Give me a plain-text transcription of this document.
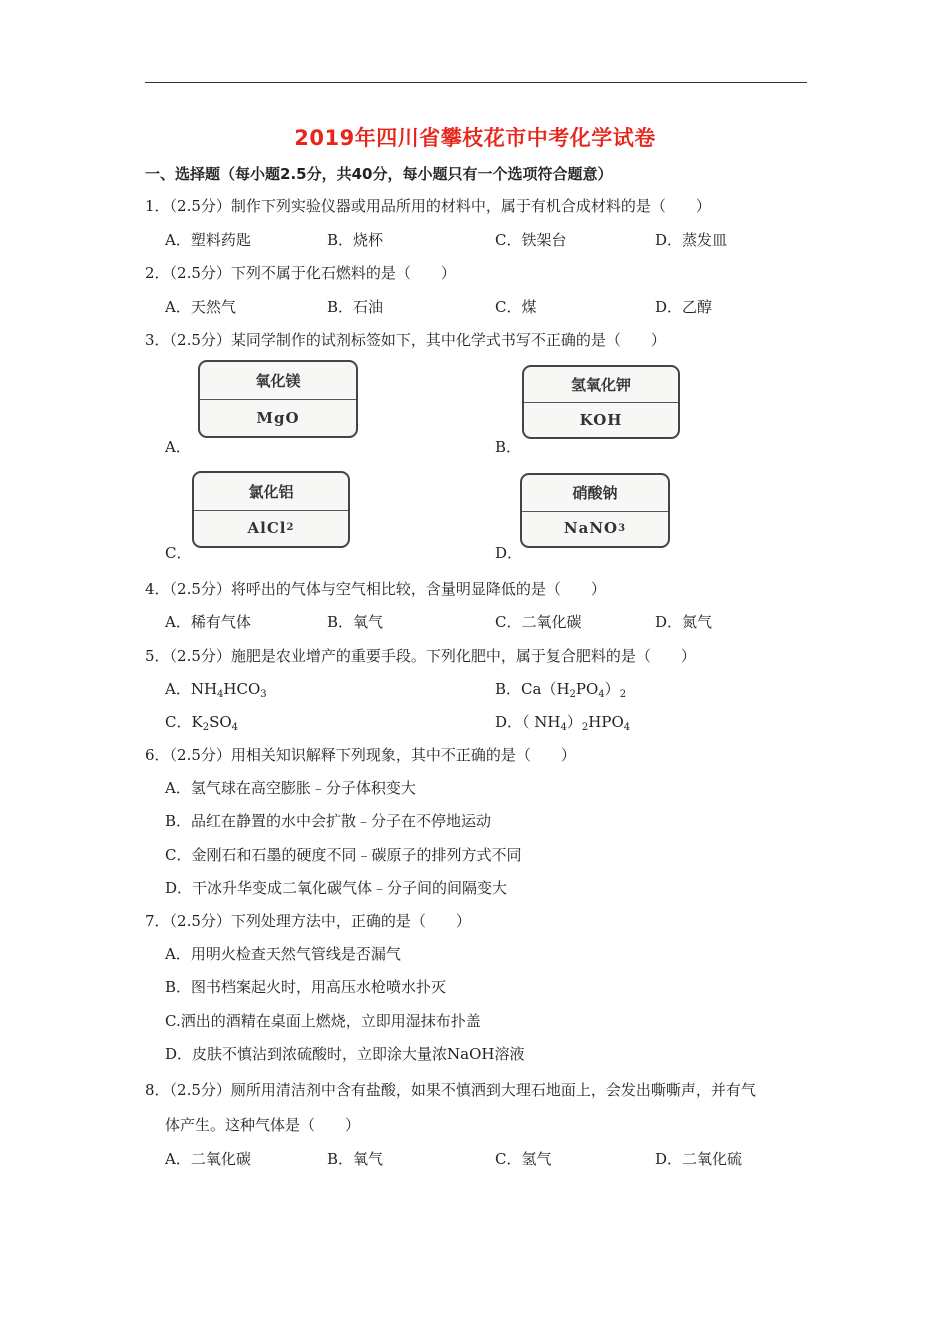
2019年四川省攀枝花市中考化学试卷
一、选择题（每小题2.5分，共40分，每小题只有一个选项符合题意）
1．（2.5分）制作下列实验仪器或用品所用的材料中，属于有机合成材料的是（　　）
A．塑料药匙	B．烧杯	C．铁架台	D．蒸发皿
2．（2.5分）下列不属于化石燃料的是（　　）
A．天然气	B．石油	C．煤	D．乙醇
3．（2.5分）某同学制作的试剂标签如下，其中化学式书写不正确的是（　　）
氧化镁
MgO
A．
氢氧化钾
KOH
B．
氯化铝
AlCl 2
C．
硝酸钠
NaNO 3
D．
4．（2.5分）将呼出的气体与空气相比较，含量明显降低的是（　　）
A．稀有气体	B．氧气	C．二氧化碳	D．氮气
5．（2.5分）施肥是农业增产的重要手段。下列化肥中，属于复合肥料的是（　　）
A．$NH_4HCO_3$	B．$Ca(H_2PO_4)_2$
C．$K_2SO_4$	D．（ $NH_4)_2HPO_4$
6．（2.5分）用相关知识解释下列现象，其中不正确的是（　　）
A．氢气球在高空膨胀﹣分子体积变大
B．品红在静置的水中会扩散﹣分子在不停地运动
C．金刚石和石墨的硬度不同﹣碳原子的排列方式不同
D．干冰升华变成二氧化碳气体﹣分子间的间隔变大
7．（2.5分）下列处理方法中，正确的是（　　）
A．用明火检查天然气管线是否漏气
B．图书档案起火时，用高压水枪喷水扑灭
C.洒出的酒精在桌面上燃烧，立即用湿抹布扑盖
D．皮肤不慎沾到浓硫酸时，立即涂大量浓NaOH溶液
8．（2.5分）厕所用清洁剂中含有盐酸，如果不慎洒到大理石地面上，会发出嘶嘶声，并有气
体产生。这种气体是（　　）
A．二氧化碳	B．氧气	C．氢气	D．二氧化硫
